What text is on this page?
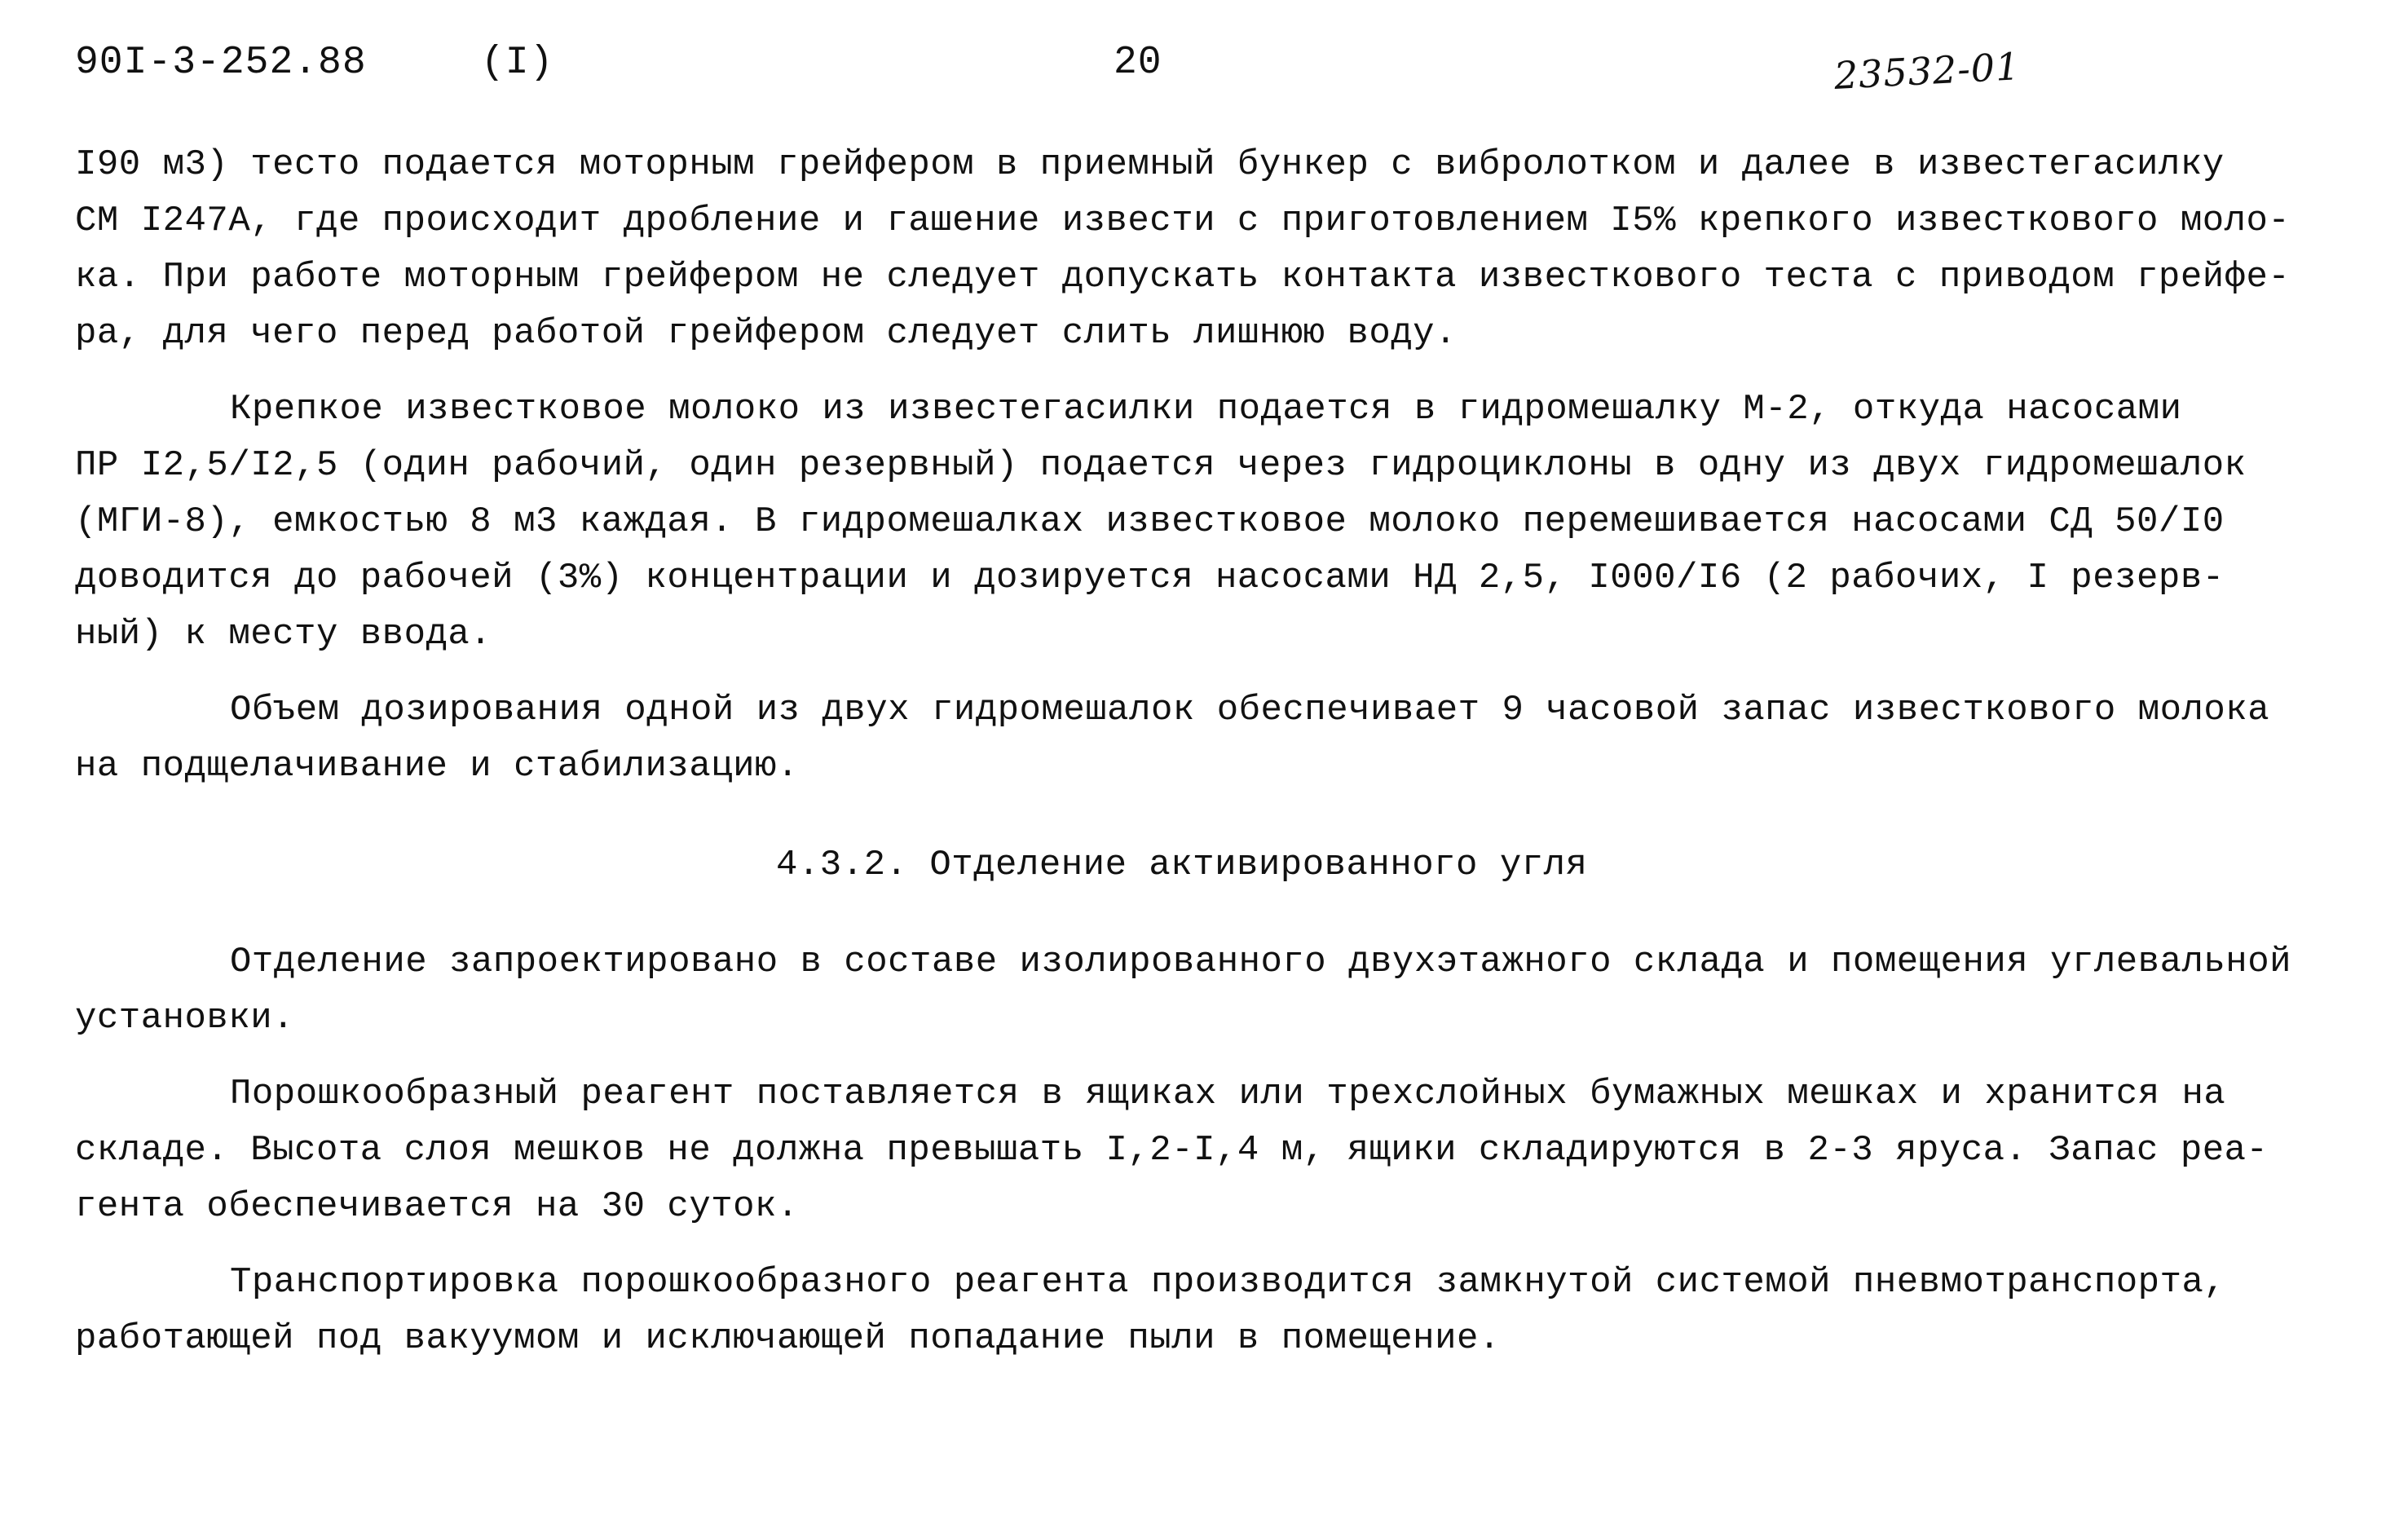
90I-3-252.88	(I)	20	23532-01

I90 м3) тесто подается моторным грейфером в приемный бункер с вибролотком и далее в известегасилку
СМ I247А, где происходит дробление и гашение извести с приготовлением I5% крепкого известкового моло-
ка. При работе моторным грейфером не следует допускать контакта известкового теста с приводом грейфе-
ра, для чего перед работой грейфером следует слить лишнюю воду.

Крепкое известковое молоко из известегасилки подается в гидромешалку М-2, откуда насосами
ПР I2,5/I2,5 (один рабочий, один резервный) подается через гидроциклоны в одну из двух гидромешалок
(МГИ-8), емкостью 8 м3 каждая. В гидромешалках известковое молоко перемешивается насосами СД 50/I0
доводится до рабочей (3%) концентрации и дозируется насосами НД 2,5, I000/I6 (2 рабочих, I резерв-
ный) к месту ввода.

Объем дозирования одной из двух гидромешалок обеспечивает 9 часовой запас известкового молока
на подщелачивание и стабилизацию.

4.3.2. Отделение активированного угля

Отделение запроектировано в составе изолированного двухэтажного склада и помещения углевальной
установки.

Порошкообразный реагент поставляется в ящиках или трехслойных бумажных мешках и хранится на
складе. Высота слоя мешков не должна превышать I,2-I,4 м, ящики складируются в 2-3 яруса. Запас реа-
гента обеспечивается на 30 суток.

Транспортировка порошкообразного реагента производится замкнутой системой пневмотранспорта,
работающей под вакуумом и исключающей попадание пыли в помещение.
